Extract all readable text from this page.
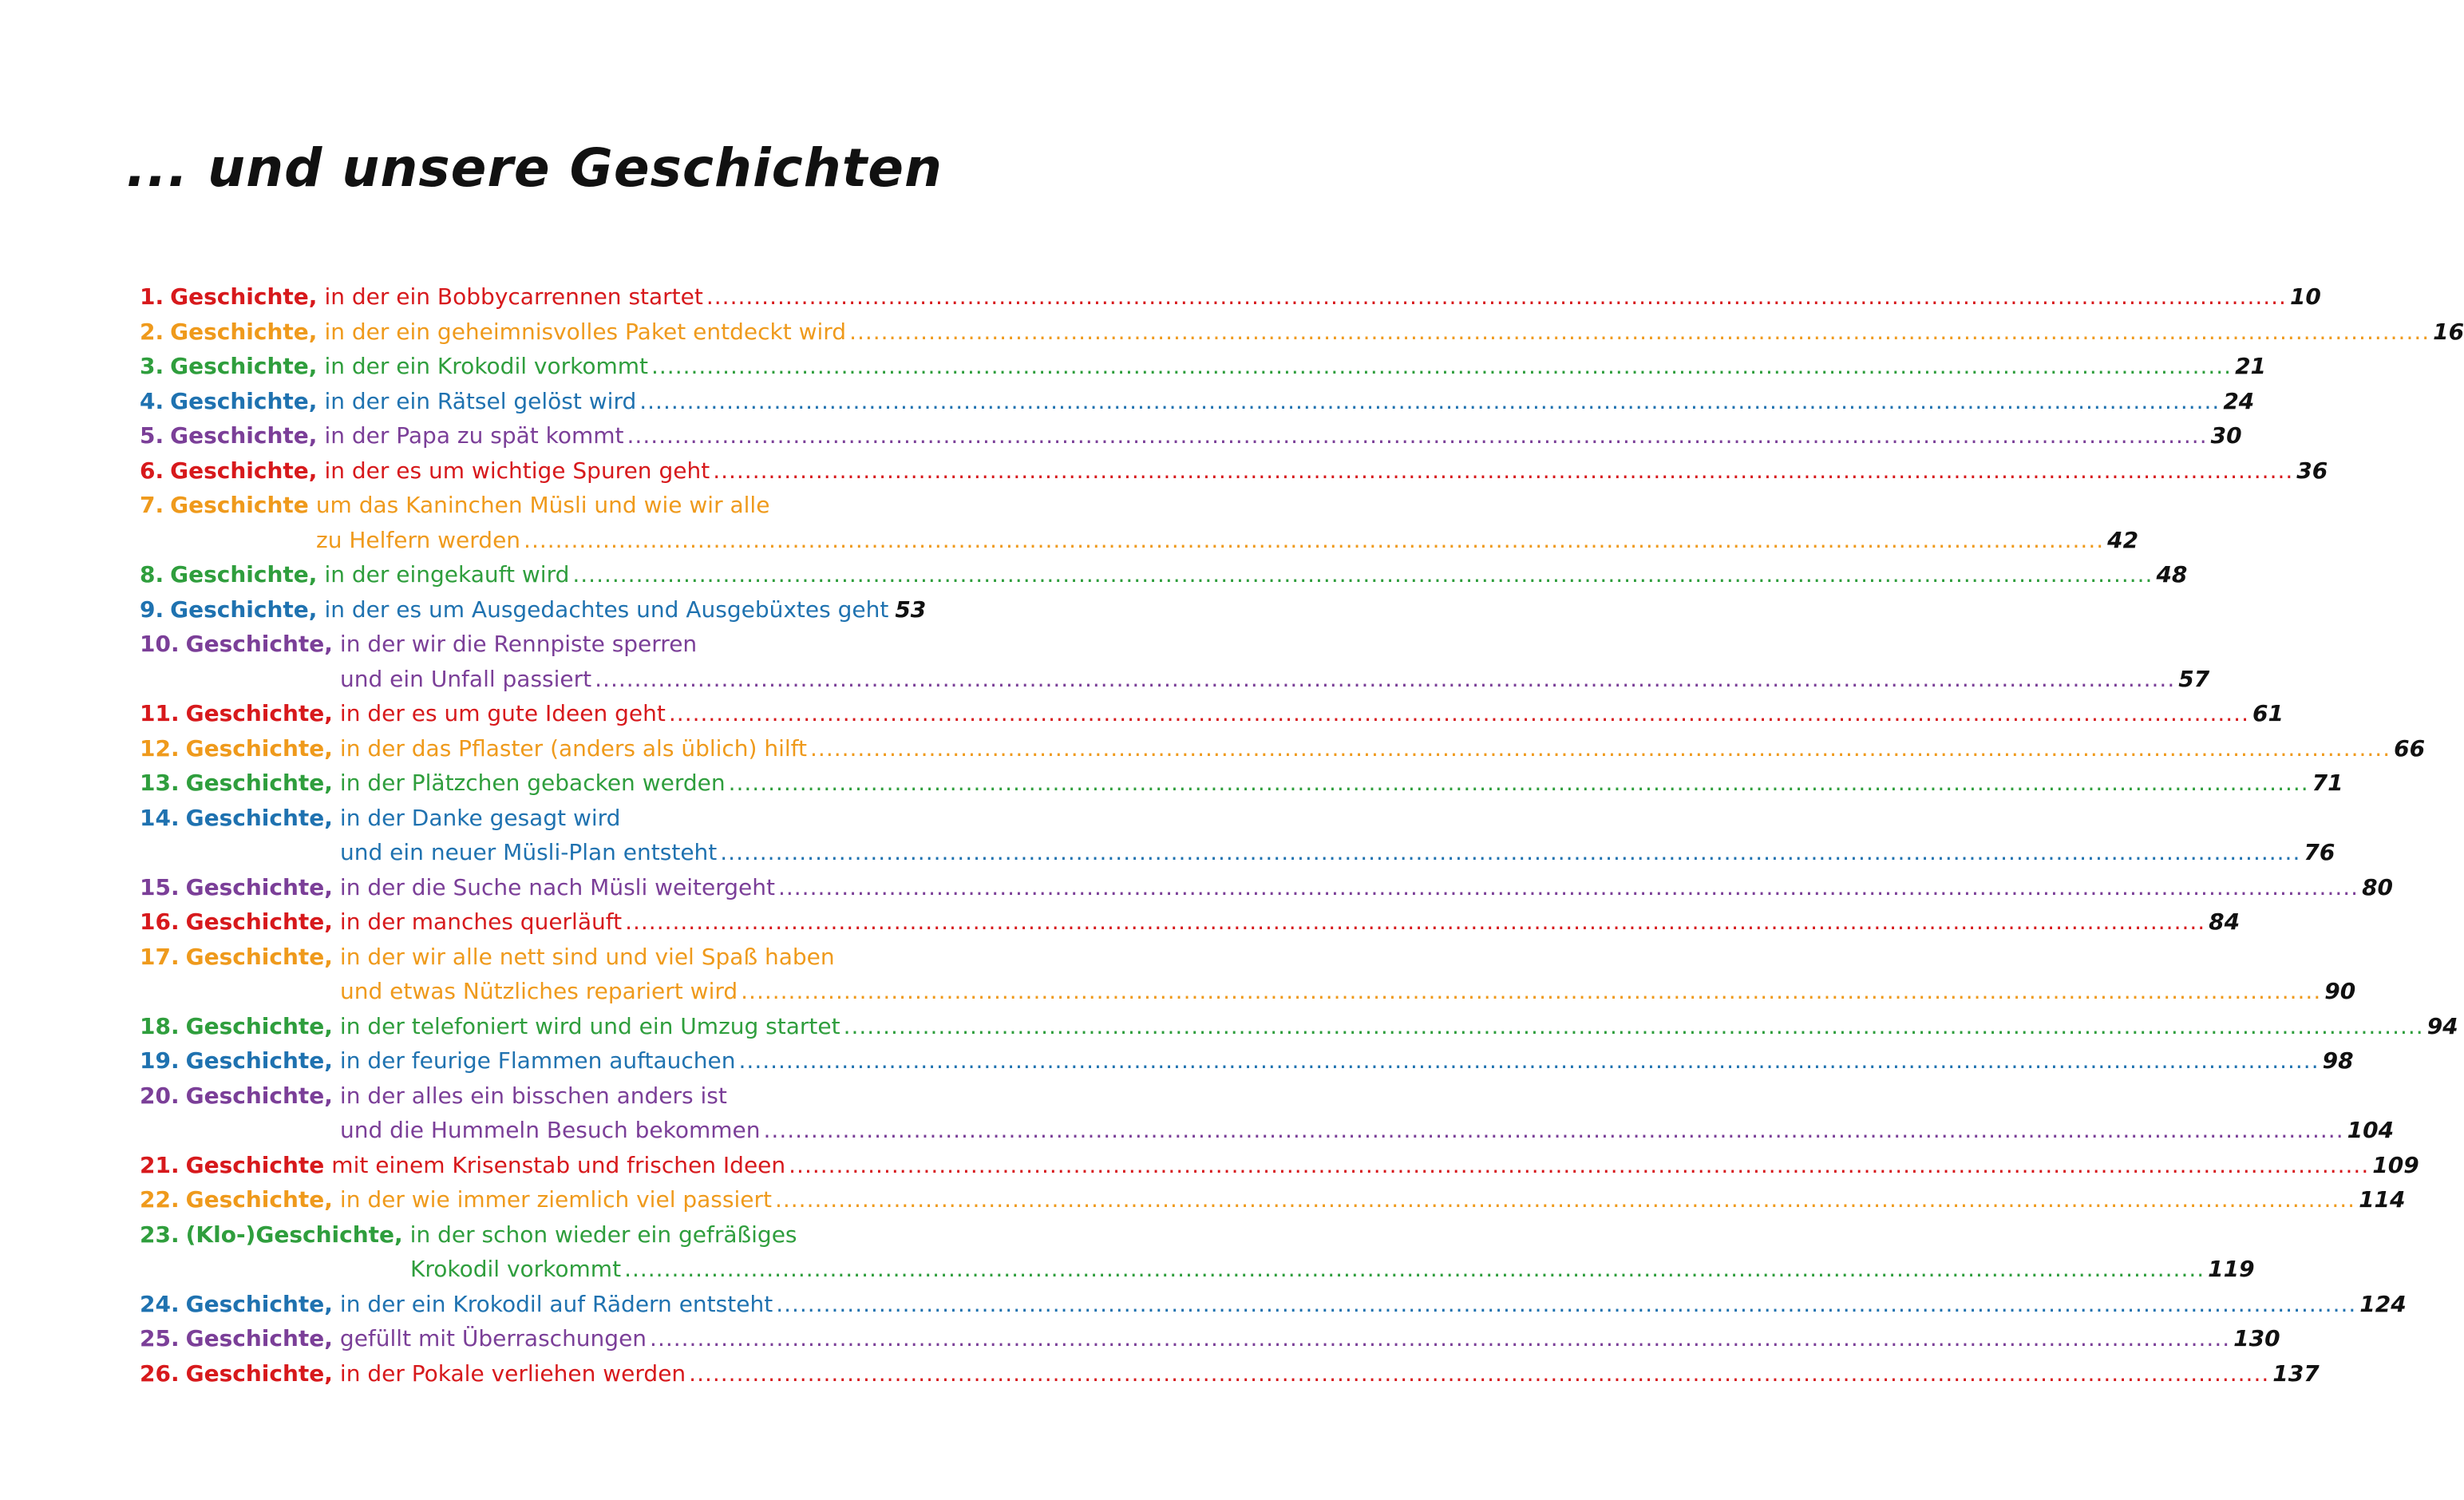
... und unsere Geschichten
1. Geschichte, in der ein Bobbycarrennen startet ........................................................................................................................................................................................................ 10
2. Geschichte, in der ein geheimnisvolles Paket entdeckt wird ........................................................................................................................................................................................................ 16
3. Geschichte, in der ein Krokodil vorkommt ........................................................................................................................................................................................................ 21
4. Geschichte, in der ein Rätsel gelöst wird ........................................................................................................................................................................................................ 24
5. Geschichte, in der Papa zu spät kommt ........................................................................................................................................................................................................ 30
6. Geschichte, in der es um wichtige Spuren geht ........................................................................................................................................................................................................ 36
7. Geschichte um das Kaninchen Müsli und wie wir alle
zu Helfern werden ........................................................................................................................................................................................................ 42
8. Geschichte, in der eingekauft wird ........................................................................................................................................................................................................ 48
9. Geschichte, in der es um Ausgedachtes und Ausgebüxtes geht 53
10. Geschichte, in der wir die Rennpiste sperren
und ein Unfall passiert ........................................................................................................................................................................................................ 57
11. Geschichte, in der es um gute Ideen geht ........................................................................................................................................................................................................ 61
12. Geschichte, in der das Pflaster (anders als üblich) hilft ........................................................................................................................................................................................................ 66
13. Geschichte, in der Plätzchen gebacken werden ........................................................................................................................................................................................................ 71
14. Geschichte, in der Danke gesagt wird
und ein neuer Müsli-Plan entsteht ........................................................................................................................................................................................................ 76
15. Geschichte, in der die Suche nach Müsli weitergeht ........................................................................................................................................................................................................ 80
16. Geschichte, in der manches querläuft ........................................................................................................................................................................................................ 84
17. Geschichte, in der wir alle nett sind und viel Spaß haben
und etwas Nützliches repariert wird ........................................................................................................................................................................................................ 90
18. Geschichte, in der telefoniert wird und ein Umzug startet ........................................................................................................................................................................................................ 94
19. Geschichte, in der feurige Flammen auftauchen ........................................................................................................................................................................................................ 98
20. Geschichte, in der alles ein bisschen anders ist
und die Hummeln Besuch bekommen ........................................................................................................................................................................................................ 104
21. Geschichte mit einem Krisenstab und frischen Ideen ........................................................................................................................................................................................................ 109
22. Geschichte, in der wie immer ziemlich viel passiert ........................................................................................................................................................................................................ 114
23. (Klo-)Geschichte, in der schon wieder ein gefräßiges
Krokodil vorkommt ........................................................................................................................................................................................................ 119
24. Geschichte, in der ein Krokodil auf Rädern entsteht ........................................................................................................................................................................................................ 124
25. Geschichte, gefüllt mit Überraschungen ........................................................................................................................................................................................................ 130
26. Geschichte, in der Pokale verliehen werden ........................................................................................................................................................................................................ 137
